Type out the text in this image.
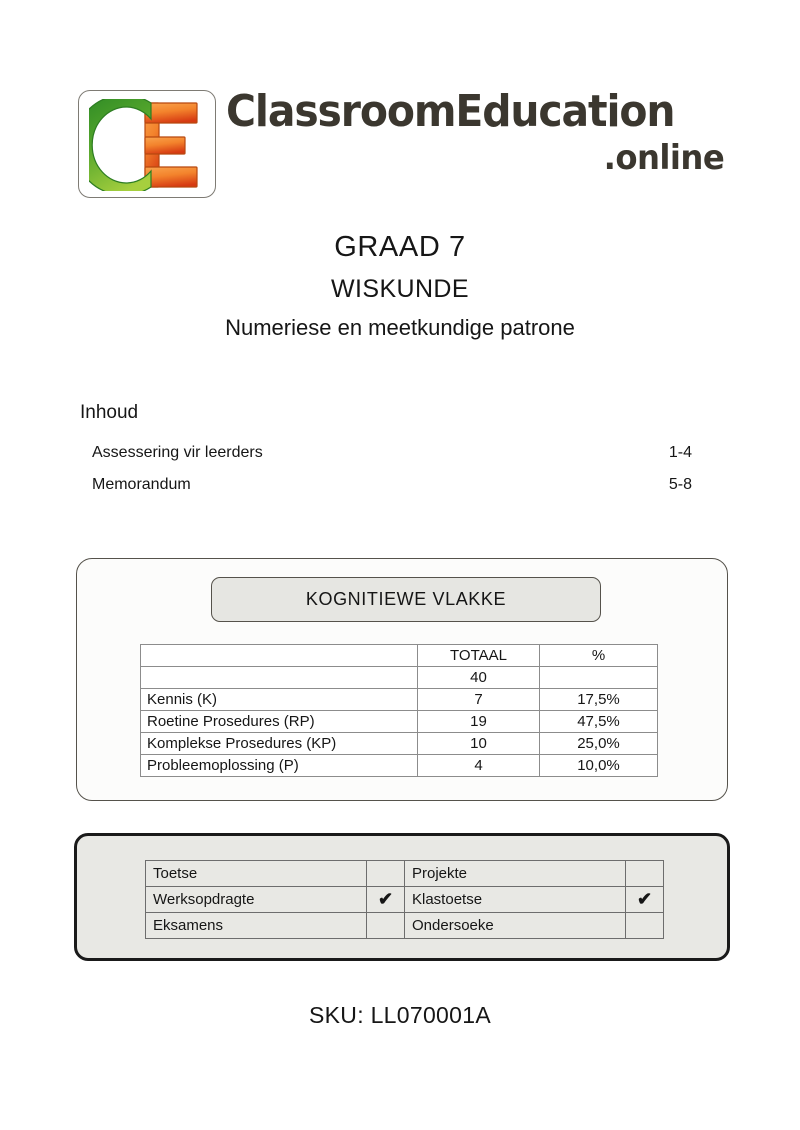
ClassroomEducation
.online
GRAAD 7
WISKUNDE
Numeriese en meetkundige patrone
Inhoud
Assessering vir leerders	1-4
Memorandum	5-8
KOGNITIEWE VLAKKE
	TOTAAL	%
	40	
Kennis (K)	7	17,5%
Roetine Prosedures (RP)	19	47,5%
Komplekse Prosedures (KP)	10	25,0%
Probleemoplossing (P)	4	10,0%
Toetse		Projekte	
Werksopdragte	✔	Klastoetse	✔
Eksamens		Ondersoeke	
SKU: LL070001A
